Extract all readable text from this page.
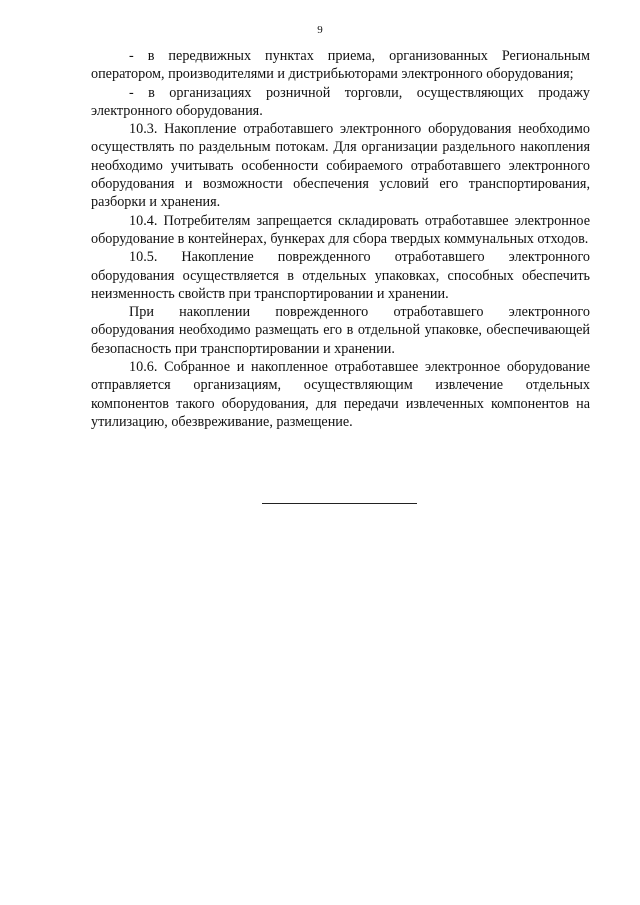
9

- в передвижных пунктах приема, организованных Региональным оператором, производителями и дистрибьюторами электронного оборудования;

- в организациях розничной торговли, осуществляющих продажу электронного оборудования.

10.3. Накопление отработавшего электронного оборудования необходимо осуществлять по раздельным потокам. Для организации раздельного накопления необходимо учитывать особенности собираемого отработавшего электронного оборудования и возможности обеспечения условий его транспортирования, разборки и хранения.

10.4. Потребителям запрещается складировать отработавшее электронное оборудование в контейнерах, бункерах для сбора твердых коммунальных отходов.

10.5. Накопление поврежденного отработавшего электронного оборудования осуществляется в отдельных упаковках, способных обеспечить неизменность свойств при транспортировании и хранении.

При накоплении поврежденного отработавшего электронного оборудования необходимо размещать его в отдельной упаковке, обеспечивающей безопасность при транспортировании и хранении.

10.6. Собранное и накопленное отработавшее электронное оборудование отправляется организациям, осуществляющим извлечение отдельных компонентов такого оборудования, для передачи извлеченных компонентов на утилизацию, обезвреживание, размещение.
